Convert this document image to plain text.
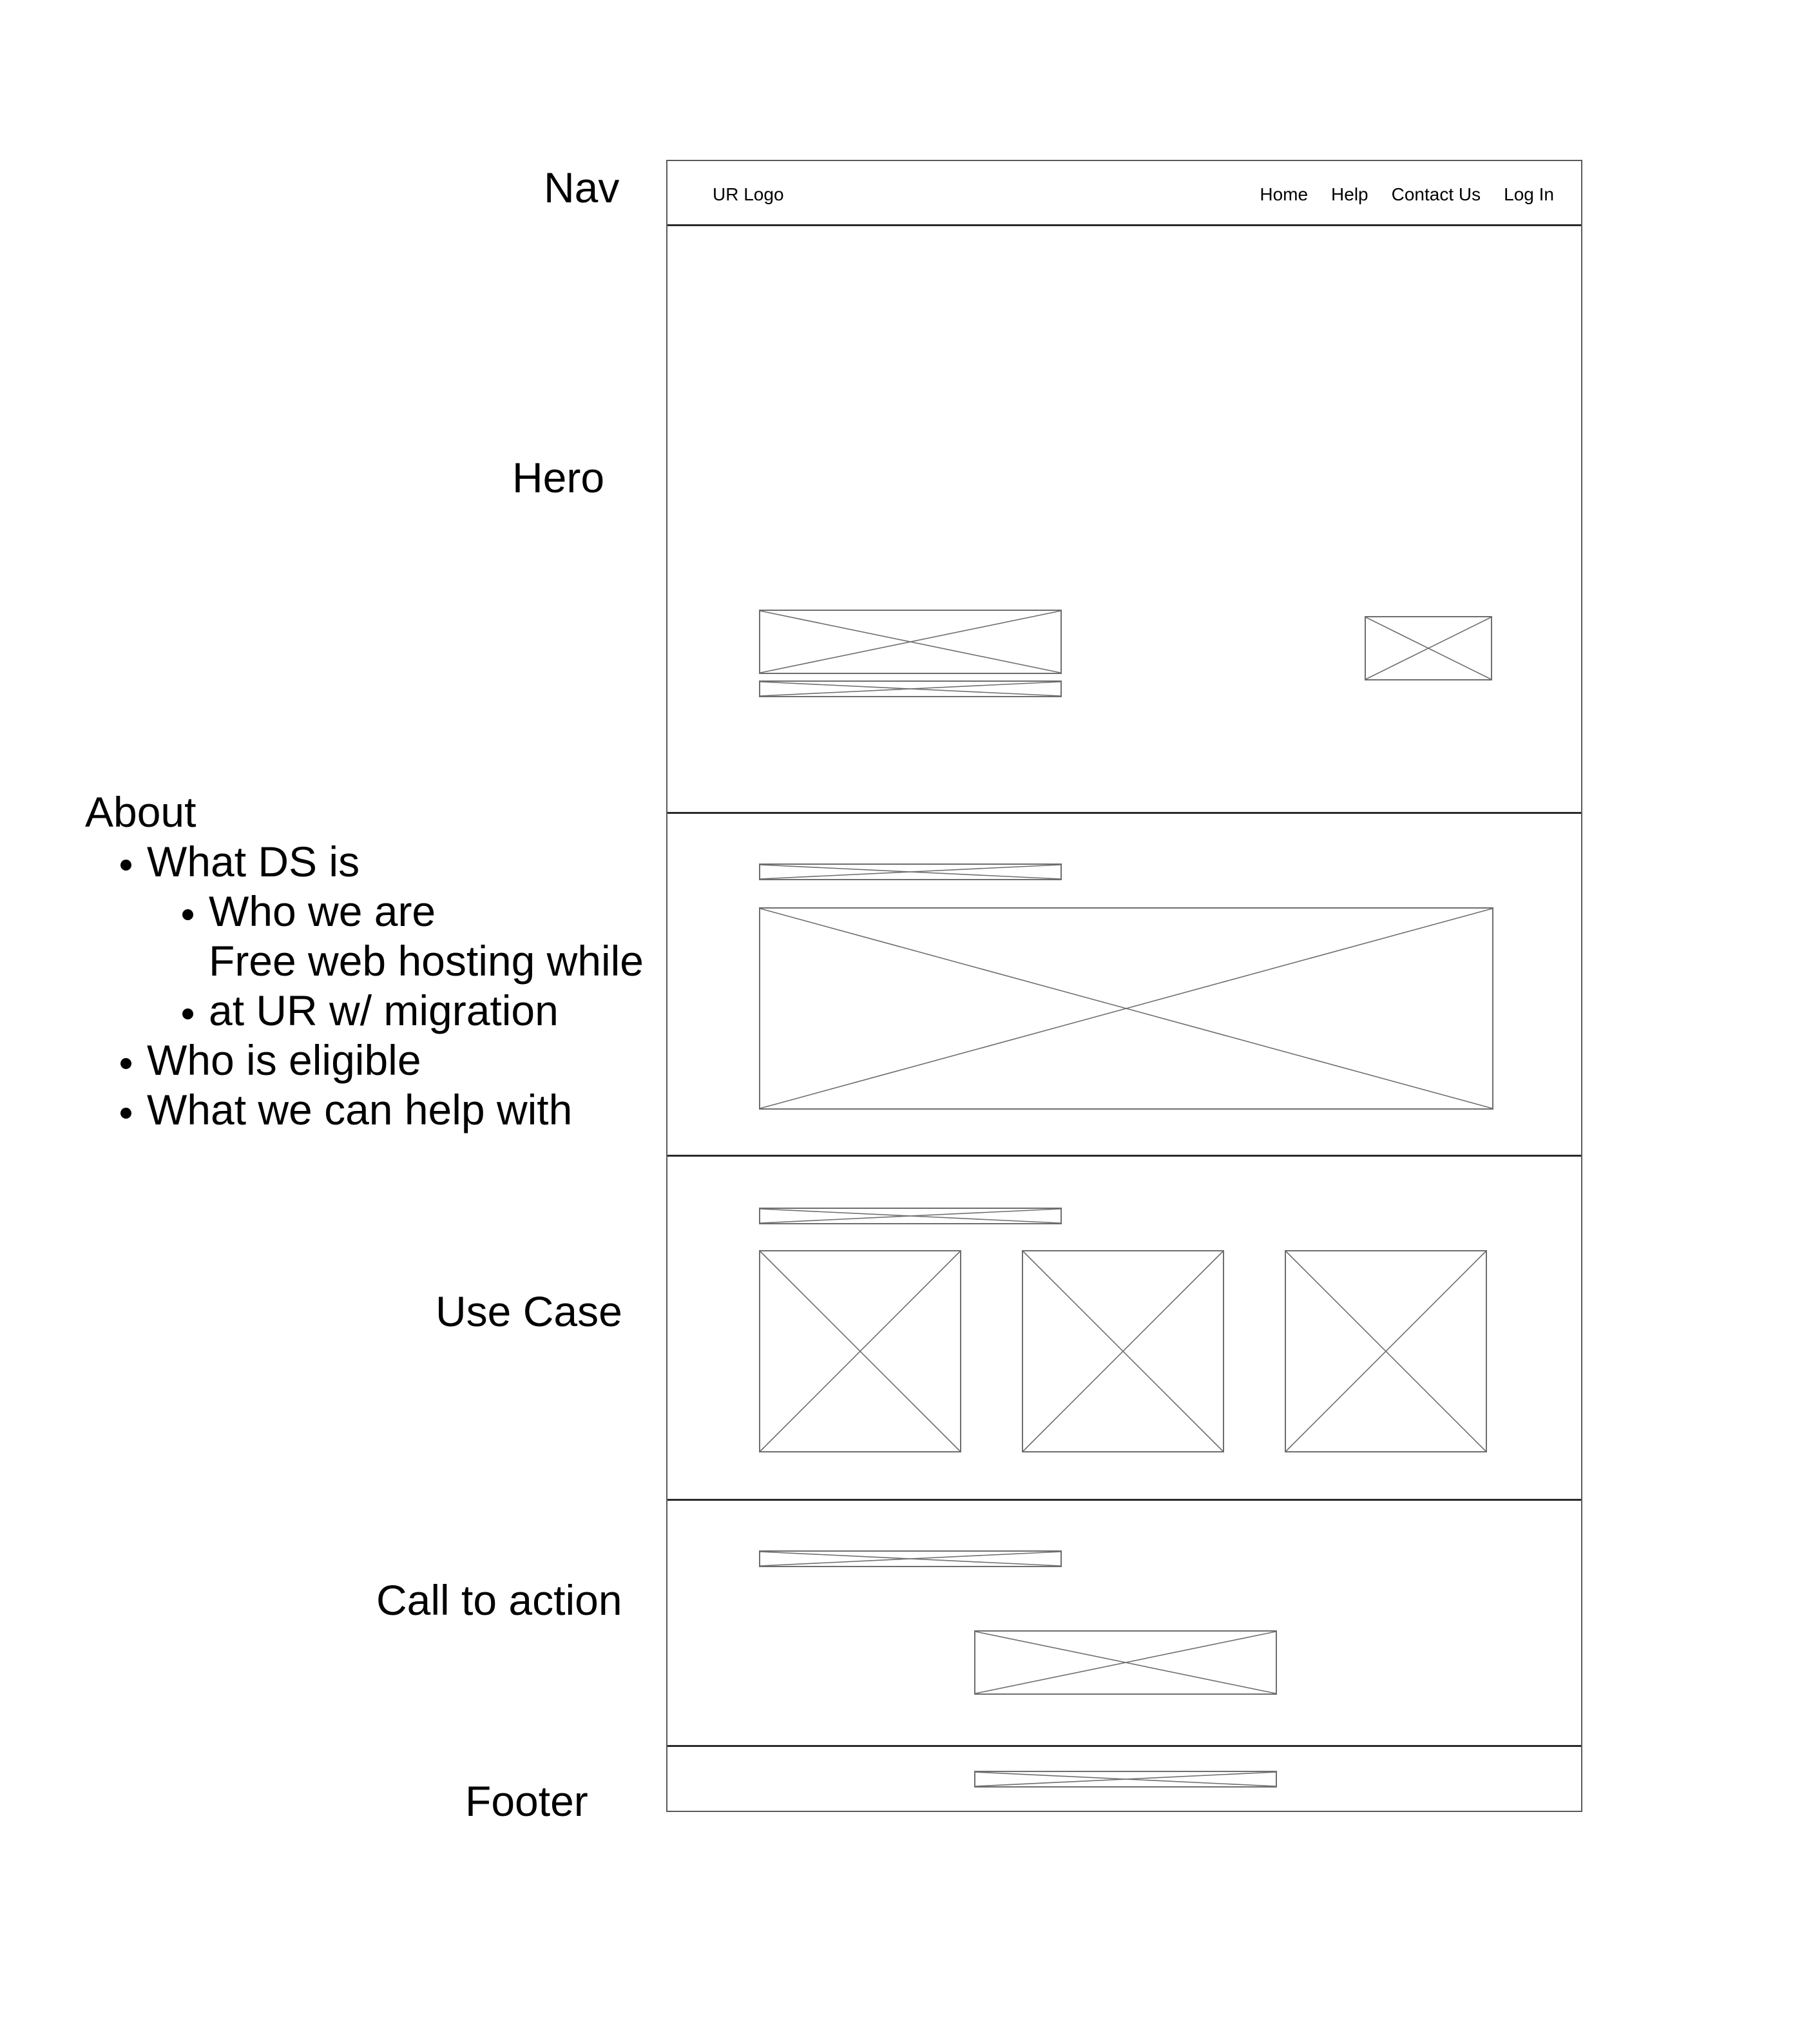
Nav
Hero
About
• What DS is
• Who we are
• Free web hosting while at UR w/ migration
• Who is eligible
• What we can help with
Use Case
Call to action
Footer
UR Logo	Home Help Contact Us Log In
